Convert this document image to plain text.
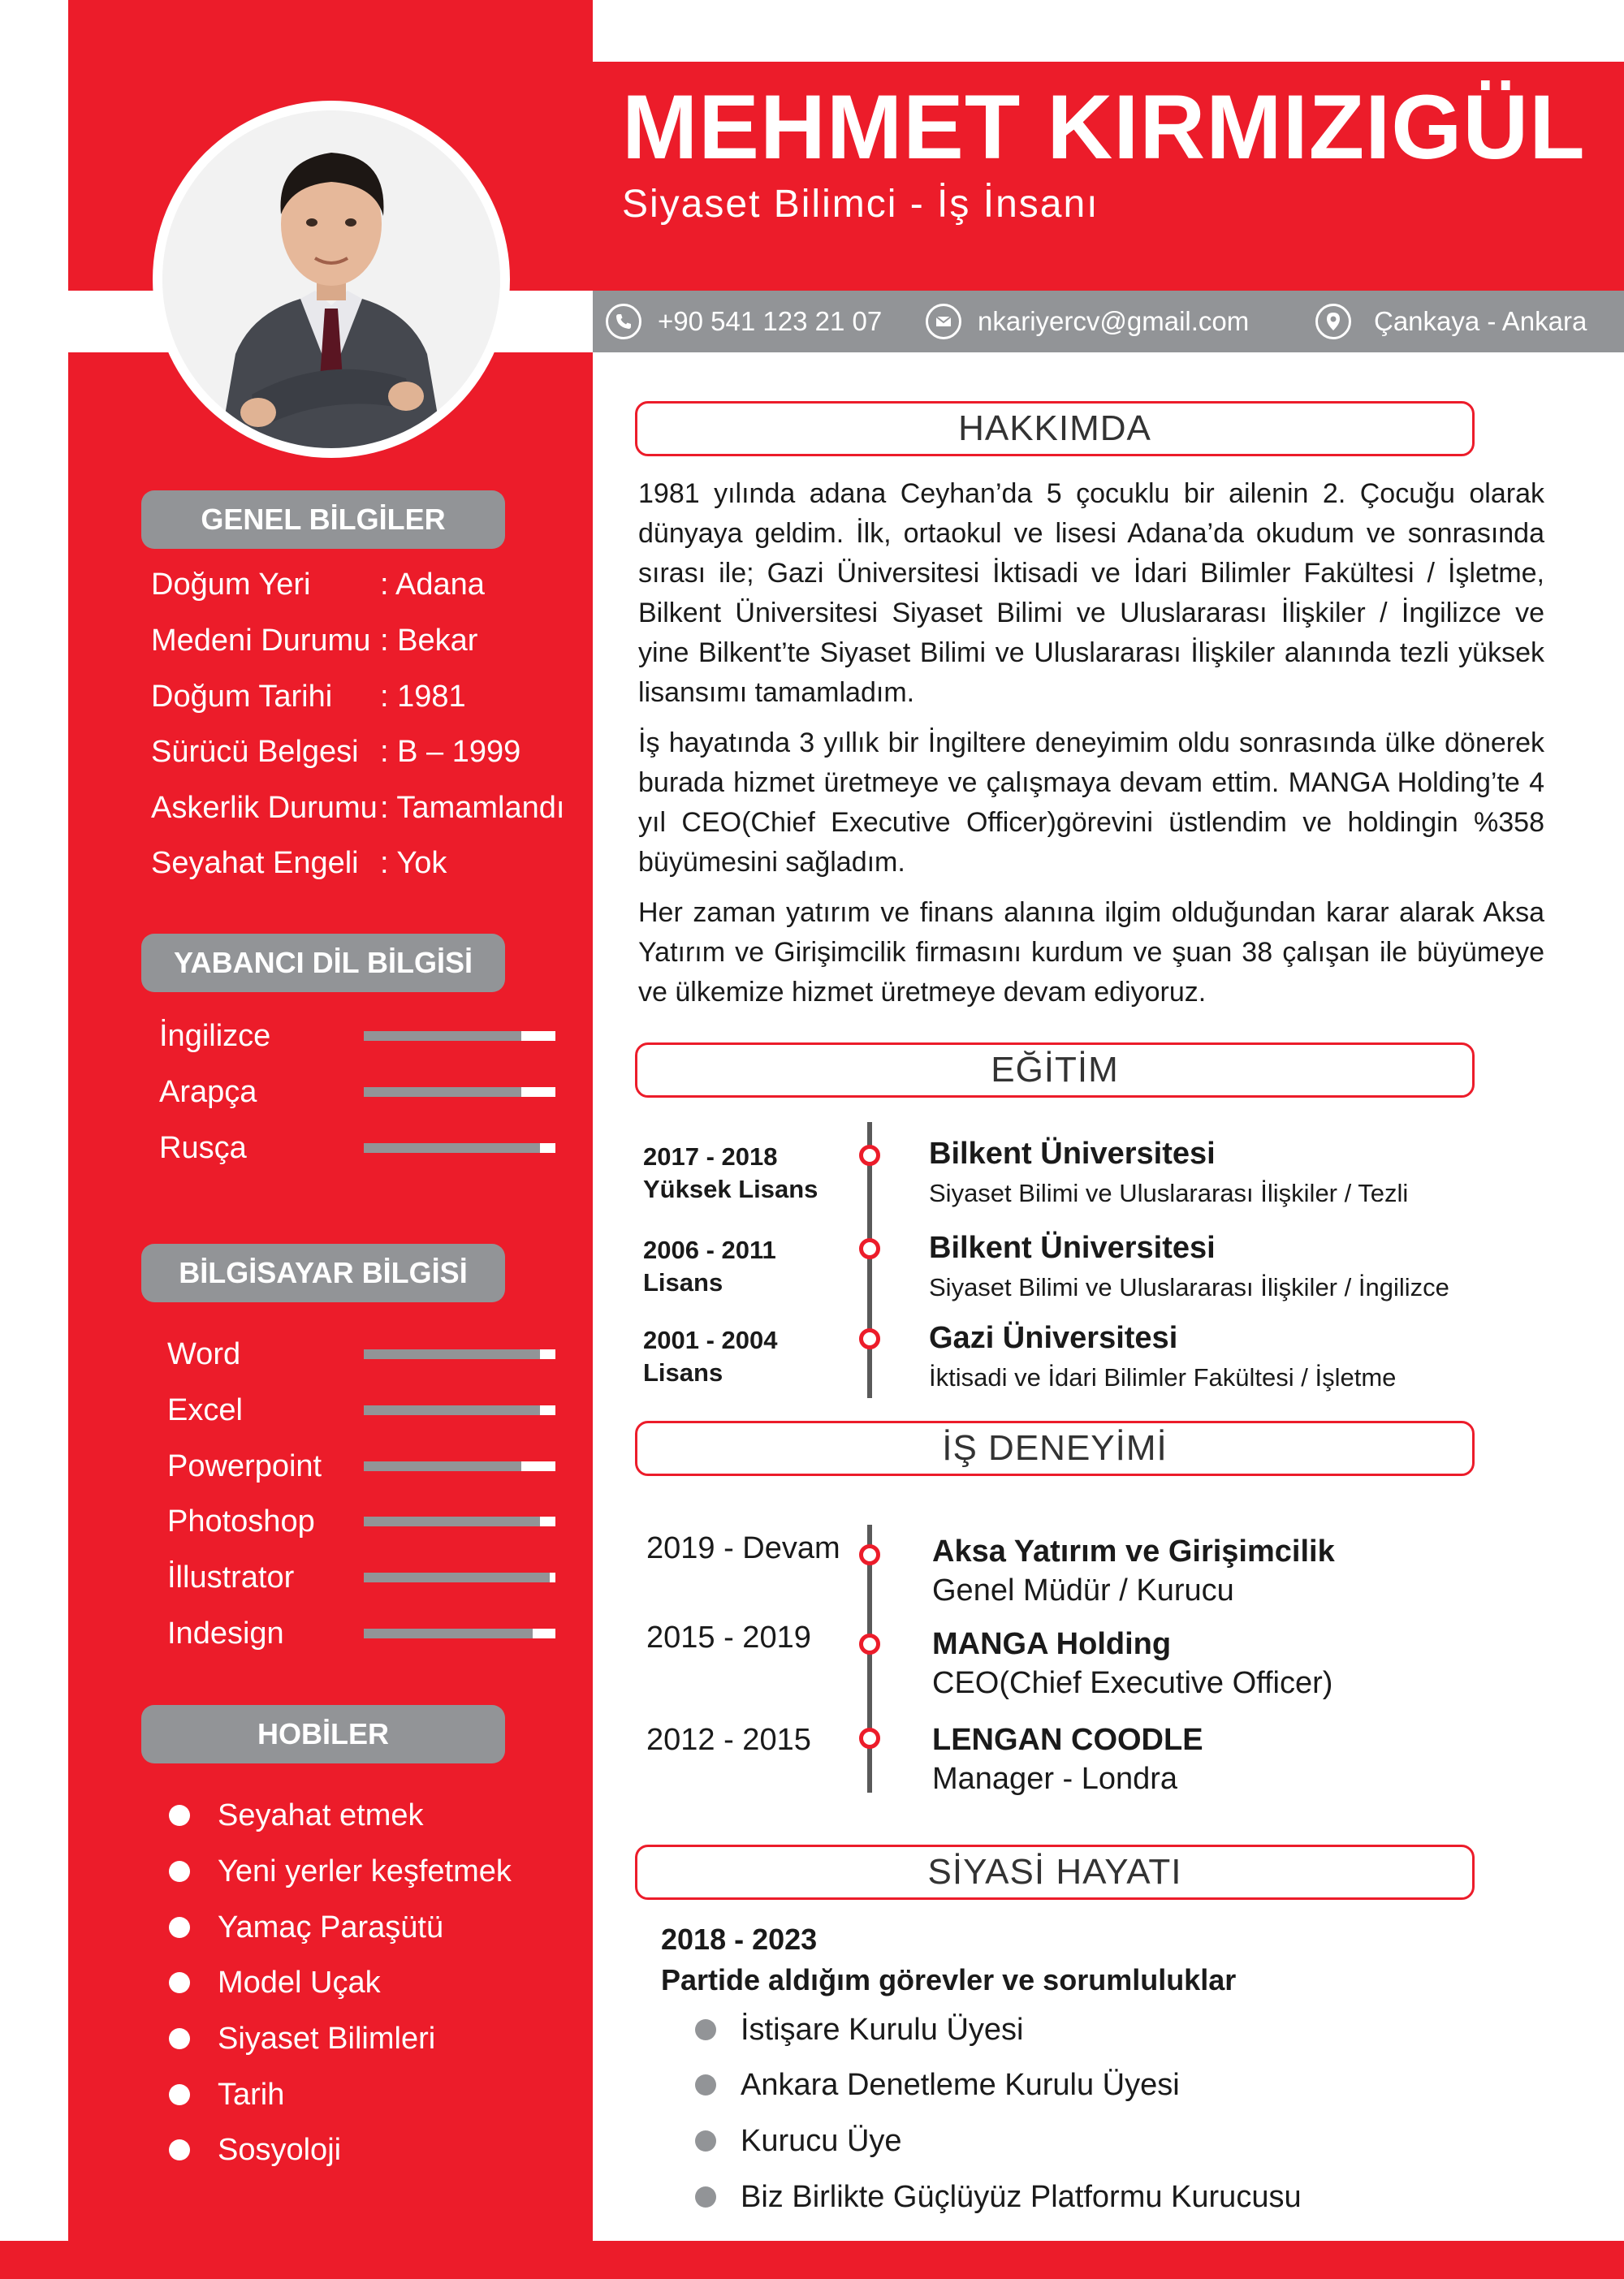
GENEL BİLGİLER
Doğum Yeri	: Adana
Medeni Durumu : Bekar
Doğum Tarihi	: 1981
Sürücü Belgesi : B – 1999
Askerlik Durumu : Tamamlandı
Seyahat Engeli : Yok
YABANCI DİL BİLGİSİ
İngilizce
Arapça
Rusça
BİLGİSAYAR BİLGİSİ
Word
Excel
Powerpoint
Photoshop
İllustrator
Indesign
HOBİLER
Seyahat etmek
Yeni yerler keşfetmek
Yamaç Paraşütü
Model Uçak
Siyaset Bilimleri
Tarih
Sosyoloji
MEHMET KIRMIZIGÜL
Siyaset Bilimci - İş İnsanı
+90 541 123 21 07	nkariyercv@gmail.com	Çankaya - Ankara
HAKKIMDA

1981 yılında adana Ceyhan’da 5 çocuklu bir ailenin 2. Çocuğu olarak dünyaya geldim. İlk, ortaokul ve lisesi Adana’da okudum ve sonrasında sırası ile; Gazi Üniversitesi İktisadi ve İdari Bilimler Fakültesi / İşletme, Bilkent Üniversitesi Siyaset Bilimi ve Uluslararası İlişkiler / İngilizce ve yine Bilkent’te Siyaset Bilimi ve Uluslararası İlişkiler alanında tezli yüksek lisansımı tamamladım.

İş hayatında 3 yıllık bir İngiltere deneyimim oldu sonrasında ülke dönerek burada hizmet üretmeye ve çalışmaya devam ettim. MANGA Holding’te 4 yıl CEO(Chief Executive Officer)görevini üstlendim ve holdingin %358 büyümesini sağladım.

Her zaman yatırım ve finans alanına ilgim olduğundan karar alarak Aksa Yatırım ve Girişimcilik firmasını kurdum ve şuan 38 çalışan ile büyümeye ve ülkemize hizmet üretmeye devam ediyoruz.

EĞİTİM
2017 - 2018
Yüksek Lisans
Bilkent Üniversitesi
Siyaset Bilimi ve Uluslararası İlişkiler / Tezli
2006 - 2011
Lisans
Bilkent Üniversitesi
Siyaset Bilimi ve Uluslararası İlişkiler / İngilizce
2001 - 2004
Lisans
Gazi Üniversitesi
İktisadi ve İdari Bilimler Fakültesi / İşletme
İŞ DENEYİMİ
2019 - Devam	Aksa Yatırım ve Girişimcilik
Genel Müdür / Kurucu
2015 - 2019	MANGA Holding
CEO(Chief Executive Officer)
2012 - 2015	LENGAN COODLE
Manager - Londra
SİYASİ HAYATI
2018 - 2023
Partide aldığım görevler ve sorumluluklar
İstişare Kurulu Üyesi
Ankara Denetleme Kurulu Üyesi
Kurucu Üye
Biz Birlikte Güçlüyüz Platformu Kurucusu
